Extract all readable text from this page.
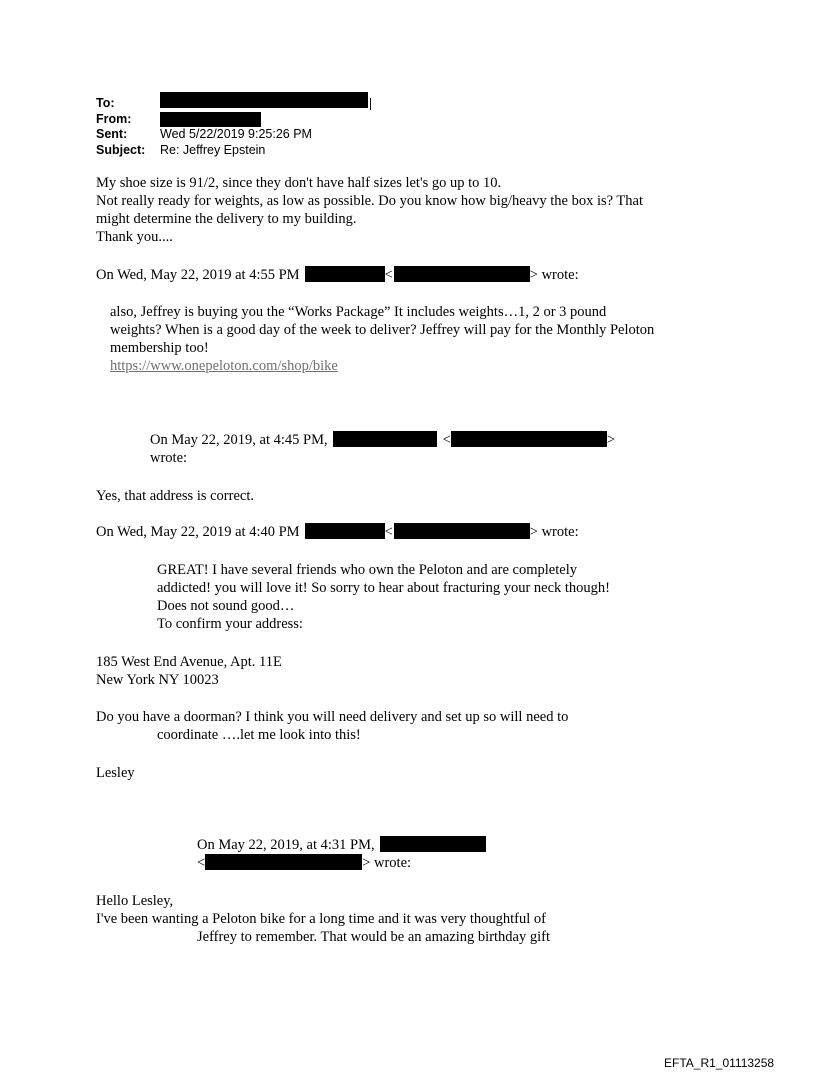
To:
From:
Sent:	Wed 5/22/2019 9:25:26 PM
Subject:	Re: Jeffrey Epstein

My shoe size is 91/2, since they don't have half sizes let's go up to 10.

Not really ready for weights, as low as possible. Do you know how big/heavy the box is? That

might determine the delivery to my building.

Thank you....

On Wed, May 22, 2019 at 4:55 PM	<	> wrote:

also, Jeffrey is buying you the “Works Package” It includes weights…1, 2 or 3 pound

weights? When is a good day of the week to deliver? Jeffrey will pay for the Monthly Peloton

membership too!

https://www.onepeloton.com/shop/bike

On May 22, 2019, at 4:45 PM,	<	>

wrote:

Yes, that address is correct.
On Wed, May 22, 2019 at 4:40 PM	<	> wrote:

GREAT! I have several friends who own the Peloton and are completely

addicted! you will love it! So sorry to hear about fracturing your neck though!

Does not sound good…

To confirm your address:

185 West End Avenue, Apt. 11E

New York NY 10023

Do you have a doorman? I think you will need delivery and set up so will need to
coordinate ….let me look into this!
Lesley

On May 22, 2019, at 4:31 PM,

<	> wrote:

Hello Lesley,

I've been wanting a Peloton bike for a long time and it was very thoughtful of

Jeffrey to remember. That would be an amazing birthday gift

EFTA_R1_01113258
